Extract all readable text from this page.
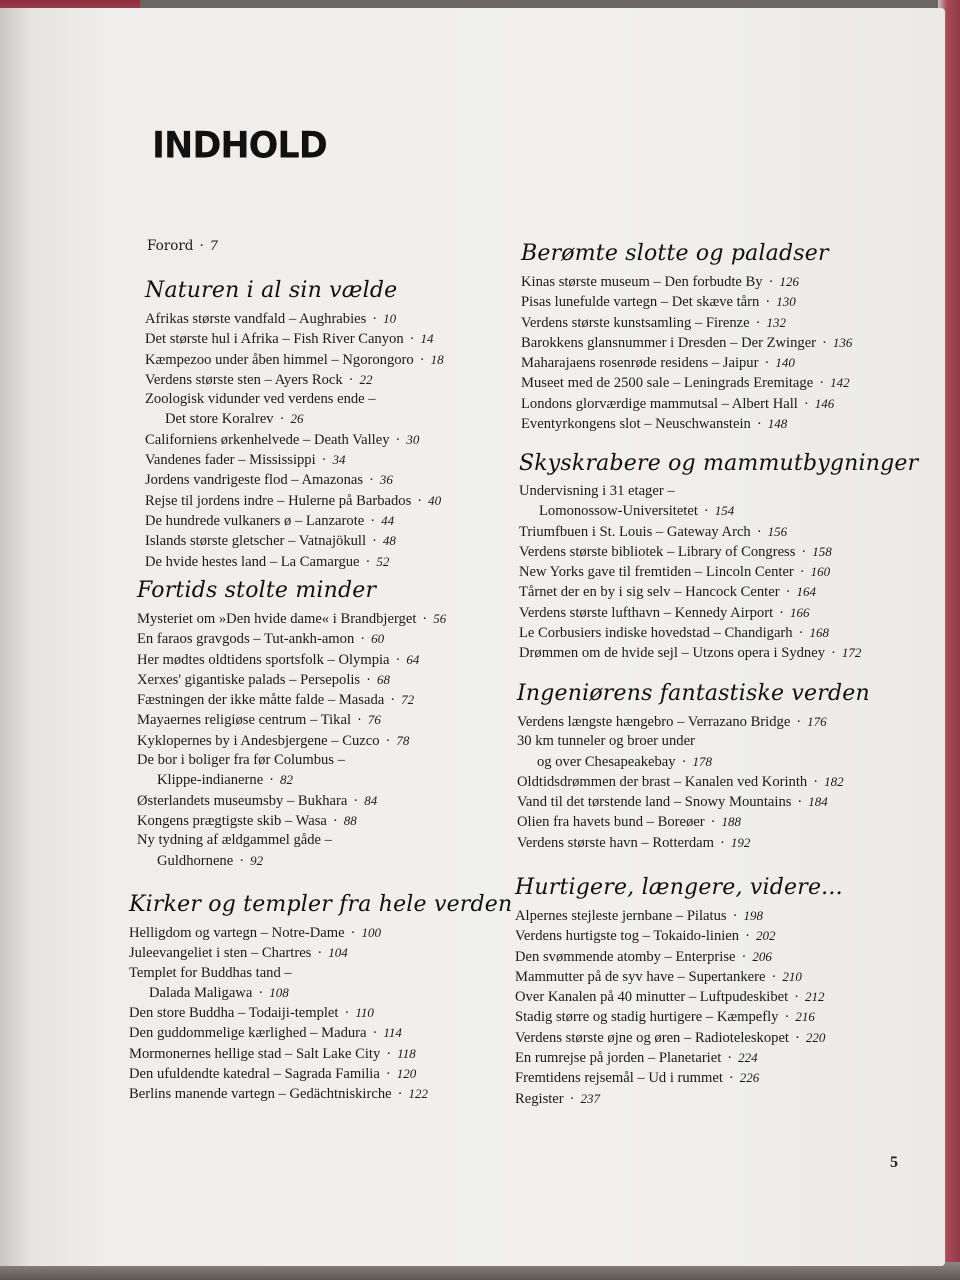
INDHOLD
Forord · 7
Naturen i al sin vælde
Afrikas største vandfald – Aughrabies · 10
Det største hul i Afrika – Fish River Canyon · 14
Kæmpezoo under åben himmel – Ngorongoro · 18
Verdens største sten – Ayers Rock · 22
Zoologisk vidunder ved verdens ende –
Det store Koralrev · 26
Californiens ørkenhelvede – Death Valley · 30
Vandenes fader – Mississippi · 34
Jordens vandrigeste flod – Amazonas · 36
Rejse til jordens indre – Hulerne på Barbados · 40
De hundrede vulkaners ø – Lanzarote · 44
Islands største gletscher – Vatnajökull · 48
De hvide hestes land – La Camargue · 52
Fortids stolte minder
Mysteriet om »Den hvide dame« i Brandbjerget · 56
En faraos gravgods – Tut-ankh-amon · 60
Her mødtes oldtidens sportsfolk – Olympia · 64
Xerxes' gigantiske palads – Persepolis · 68
Fæstningen der ikke måtte falde – Masada · 72
Mayaernes religiøse centrum – Tikal · 76
Kyklopernes by i Andesbjergene – Cuzco · 78
De bor i boliger fra før Columbus –
Klippe-indianerne · 82
Østerlandets museumsby – Bukhara · 84
Kongens prægtigste skib – Wasa · 88
Ny tydning af ældgammel gåde –
Guldhornene · 92
Kirker og templer fra hele verden
Helligdom og vartegn – Notre-Dame · 100
Juleevangeliet i sten – Chartres · 104
Templet for Buddhas tand –
Dalada Maligawa · 108
Den store Buddha – Todaiji-templet · 110
Den guddommelige kærlighed – Madura · 114
Mormonernes hellige stad – Salt Lake City · 118
Den ufuldendte katedral – Sagrada Familia · 120
Berlins manende vartegn – Gedächtniskirche · 122
Berømte slotte og paladser
Kinas største museum – Den forbudte By · 126
Pisas lunefulde vartegn – Det skæve tårn · 130
Verdens største kunstsamling – Firenze · 132
Barokkens glansnummer i Dresden – Der Zwinger · 136
Maharajaens rosenrøde residens – Jaipur · 140
Museet med de 2500 sale – Leningrads Eremitage · 142
Londons glorværdige mammutsal – Albert Hall · 146
Eventyrkongens slot – Neuschwanstein · 148
Skyskrabere og mammutbygninger
Undervisning i 31 etager –
Lomonossow-Universitetet · 154
Triumfbuen i St. Louis – Gateway Arch · 156
Verdens største bibliotek – Library of Congress · 158
New Yorks gave til fremtiden – Lincoln Center · 160
Tårnet der en by i sig selv – Hancock Center · 164
Verdens største lufthavn – Kennedy Airport · 166
Le Corbusiers indiske hovedstad – Chandigarh · 168
Drømmen om de hvide sejl – Utzons opera i Sydney · 172
Ingeniørens fantastiske verden
Verdens længste hængebro – Verrazano Bridge · 176
30 km tunneler og broer under
og over Chesapeakebay · 178
Oldtidsdrømmen der brast – Kanalen ved Korinth · 182
Vand til det tørstende land – Snowy Mountains · 184
Olien fra havets bund – Boreøer · 188
Verdens største havn – Rotterdam · 192
Hurtigere, længere, videre...
Alpernes stejleste jernbane – Pilatus · 198
Verdens hurtigste tog – Tokaido-linien · 202
Den svømmende atomby – Enterprise · 206
Mammutter på de syv have – Supertankere · 210
Over Kanalen på 40 minutter – Luftpudeskibet · 212
Stadig større og stadig hurtigere – Kæmpefly · 216
Verdens største øjne og øren – Radioteleskopet · 220
En rumrejse på jorden – Planetariet · 224
Fremtidens rejsemål – Ud i rummet · 226
Register · 237
5
